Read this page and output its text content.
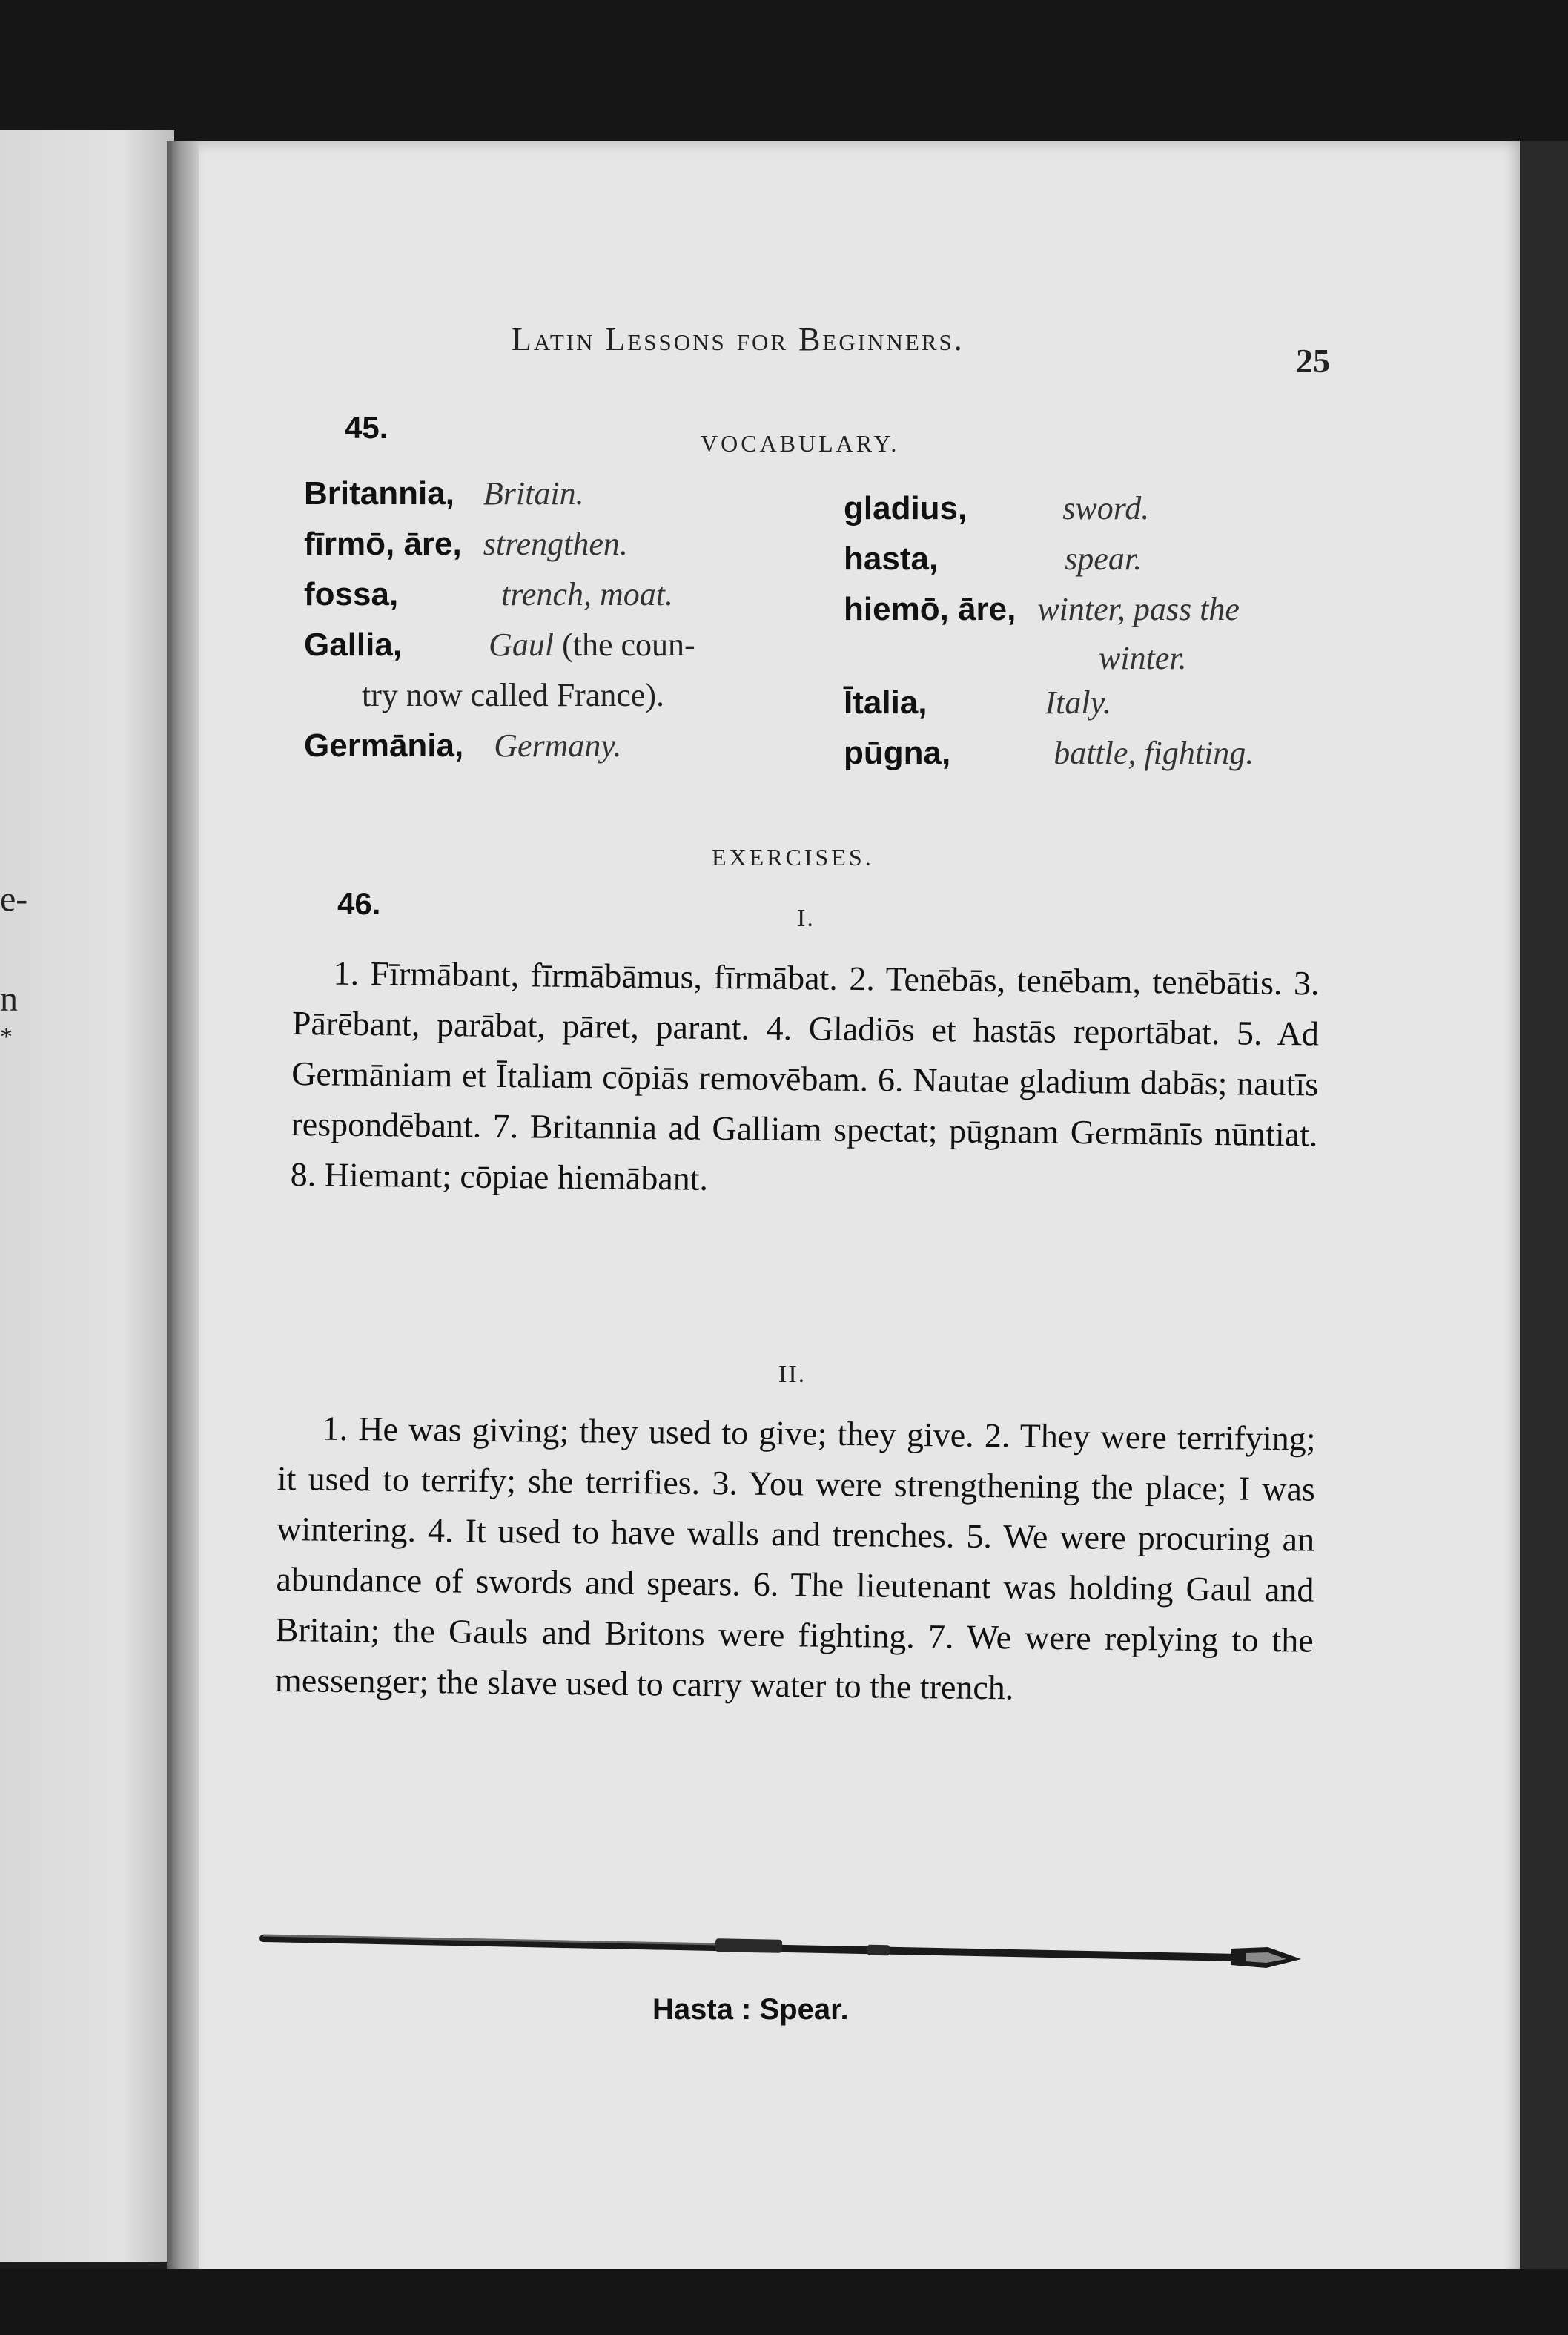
e-
n
*
Latin Lessons for Beginners.
25
45.	VOCABULARY.
Britannia, Britain.
fīrmō, āre, strengthen.
fossa,	trench, moat.
Gallia,	Gaul (the coun-
try now called France).
Germānia, Germany.
gladius,	sword.
hasta,	spear.
hiemō, āre, winter, pass the
winter.
Ītalia,	Italy.
pūgna,	battle, fighting.
EXERCISES.
46.	I.

1. Fīrmābant, fīrmābāmus, fīrmābat. 2. Tenēbās, tenēbam, tenēbātis. 3. Pārēbant, parābat, pāret, parant. 4. Gladiōs et hastās reportābat. 5. Ad Germāniam et Ītaliam cōpiās removēbam. 6. Nautae gladium dabās; nautīs respondēbant. 7. Britannia ad Galliam spectat; pūgnam Germānīs nūntiat. 8. Hiemant; cōpiae hiemābant.

II.

1. He was giving; they used to give; they give. 2. They were terrifying; it used to terrify; she terrifies. 3. You were strengthening the place; I was wintering. 4. It used to have walls and trenches. 5. We were procuring an abundance of swords and spears. 6. The lieutenant was holding Gaul and Britain; the Gauls and Britons were fighting. 7. We were replying to the messenger; the slave used to carry water to the trench.

Hasta : Spear.
